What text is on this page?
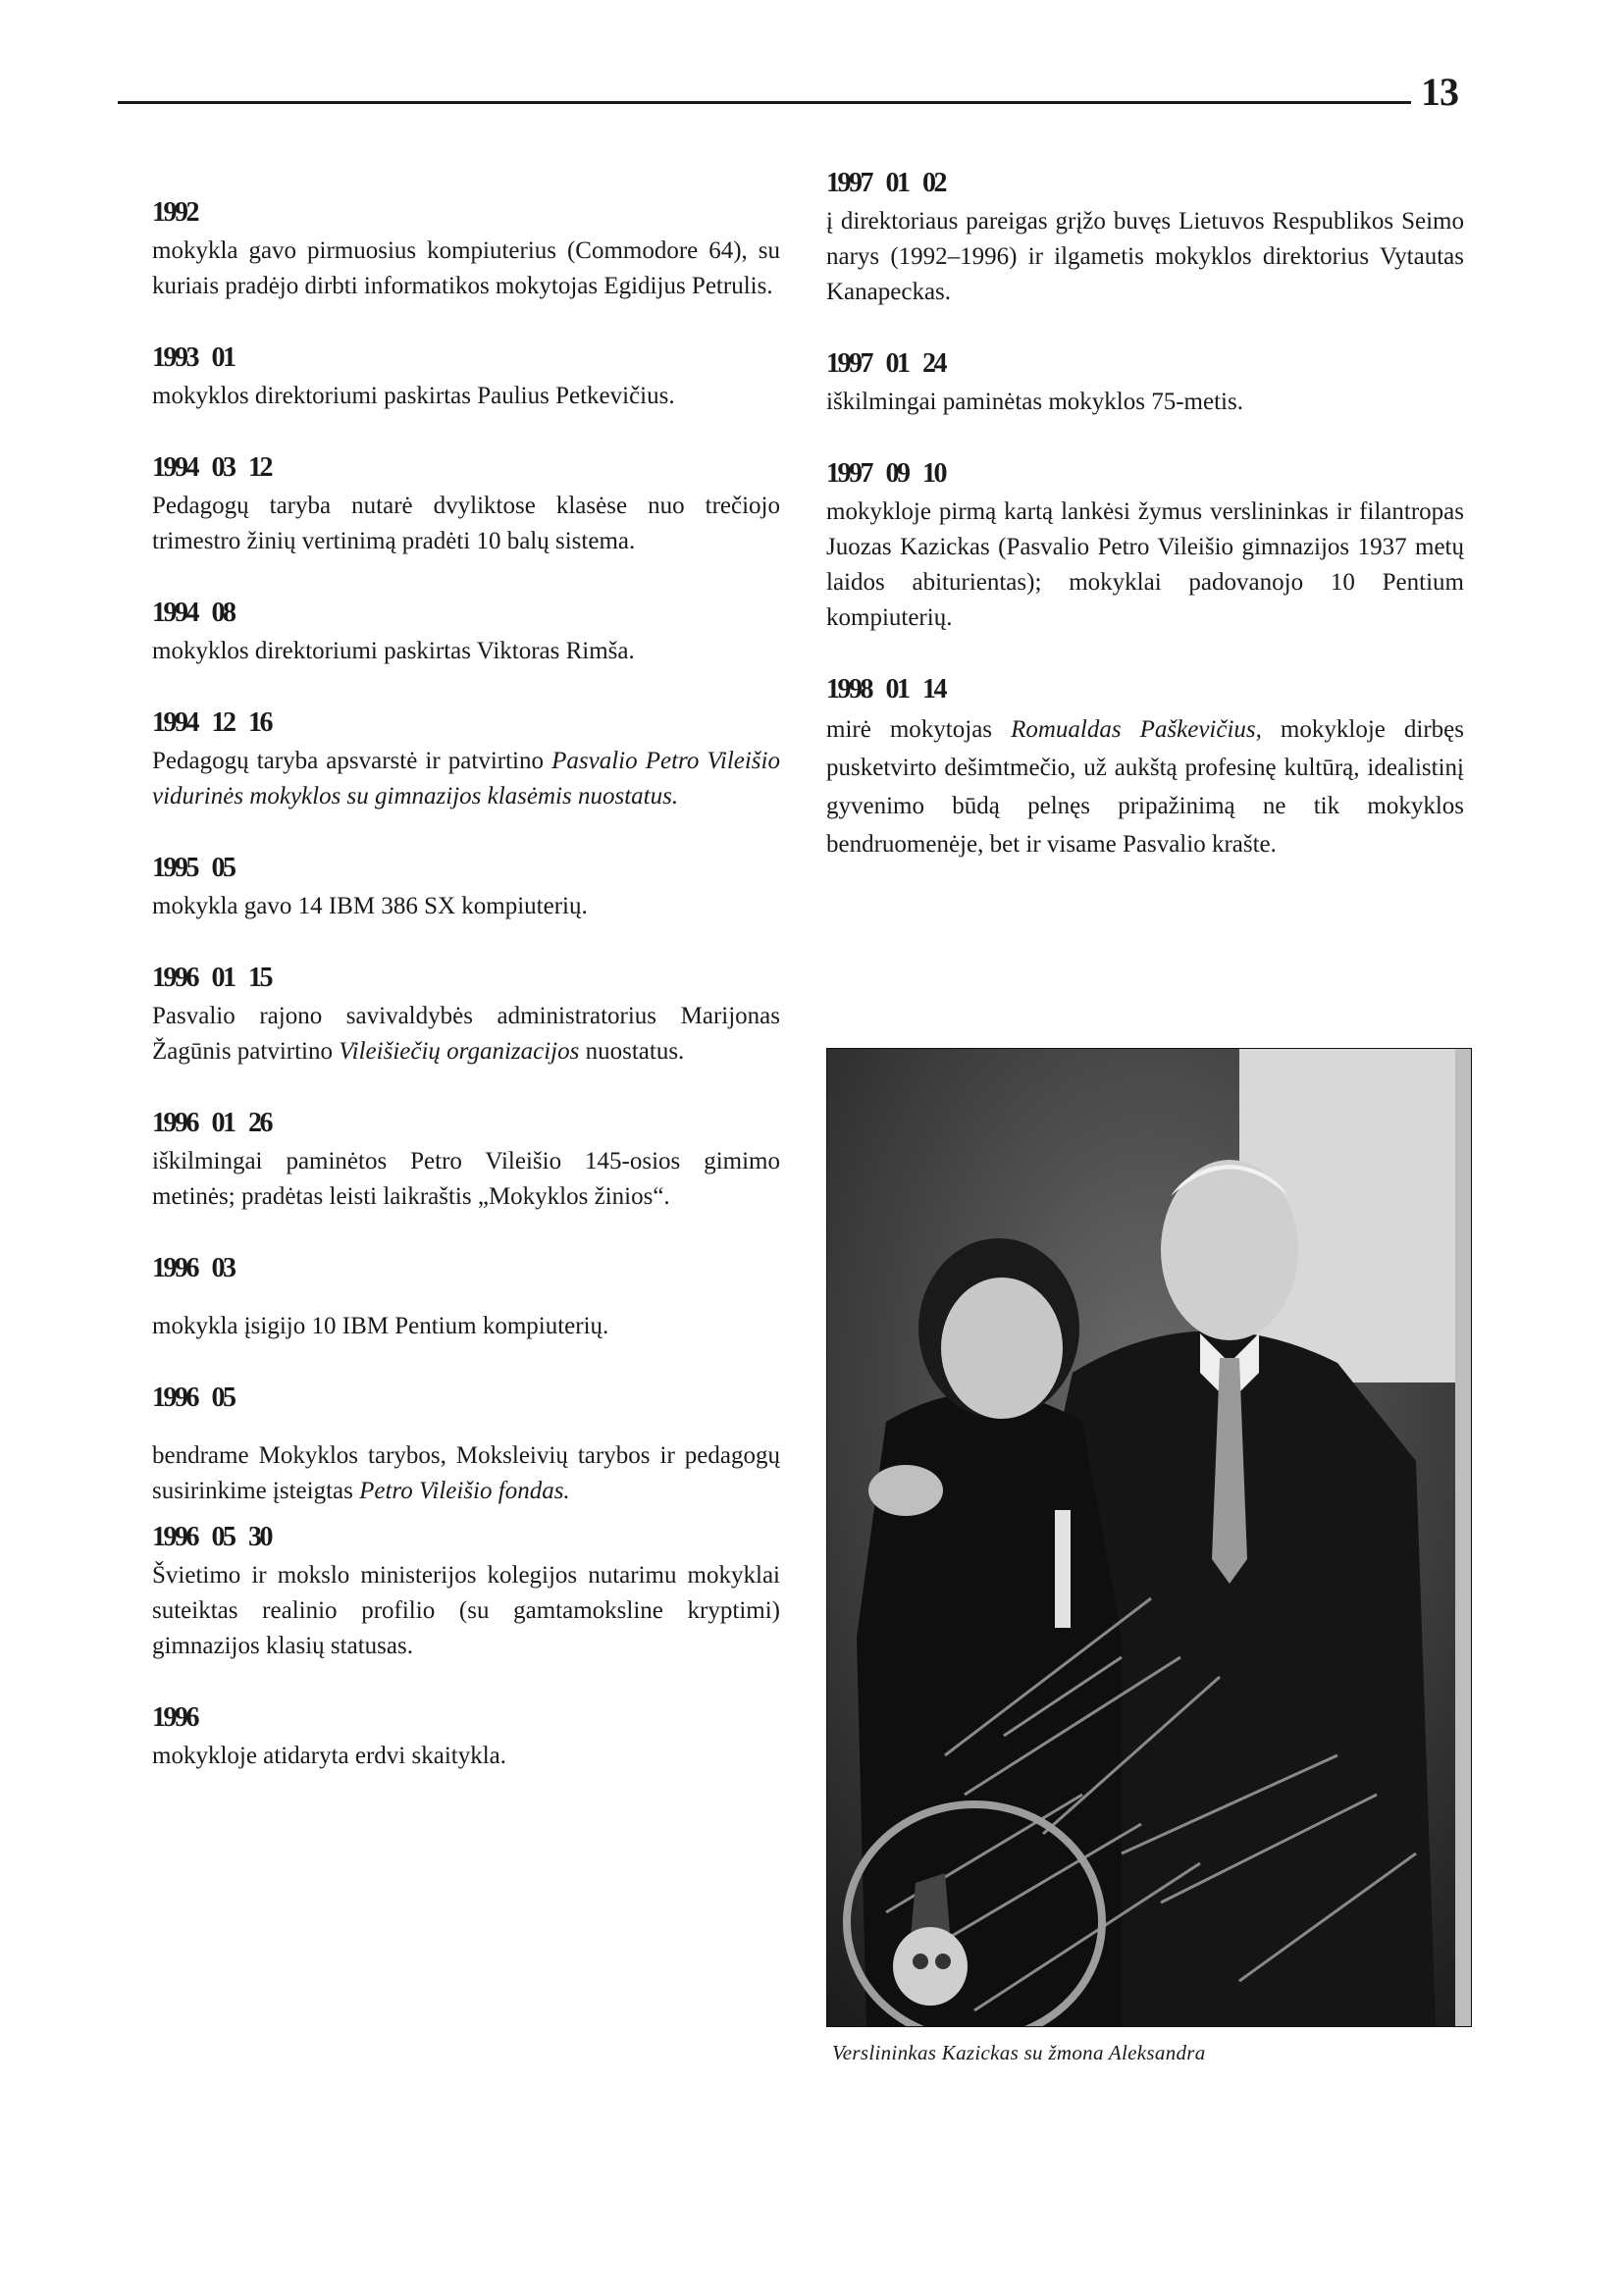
13
1992
mokykla gavo pirmuosius kompiuterius (Commodore 64), su kuriais pradėjo dirbti informatikos mokytojas Egidijus Petrulis.
1993 01
mokyklos direktoriumi paskirtas Paulius Petkevičius.
1994 03 12
Pedagogų taryba nutarė dvyliktose klasėse nuo trečiojo trimestro žinių vertinimą pradėti 10 balų sistema.
1994 08
mokyklos direktoriumi paskirtas Viktoras Rimša.
1994 12 16
Pedagogų taryba apsvarstė ir patvirtino Pasvalio Petro Vileišio vidurinės mokyklos su gimnazijos klasėmis nuostatus.
1995 05
mokykla gavo 14 IBM 386 SX kompiuterių.
1996 01 15
Pasvalio rajono savivaldybės administratorius Marijonas Žagūnis patvirtino Vileišiečių organizacijos nuostatus.
1996 01 26
iškilmingai paminėtos Petro Vileišio 145-osios gimimo metinės; pradėtas leisti laikraštis „Mokyklos žinios“.
1996 03
mokykla įsigijo 10 IBM Pentium kompiuterių.
1996 05
bendrame Mokyklos tarybos, Moksleivių tarybos ir pedagogų susirinkime įsteigtas Petro Vileišio fondas.
1996 05 30
Švietimo ir mokslo ministerijos kolegijos nutarimu mokyklai suteiktas realinio profilio (su gamtamoksline kryptimi) gimnazijos klasių statusas.
1996
mokykloje atidaryta erdvi skaitykla.
1997 01 02
į direktoriaus pareigas grįžo buvęs Lietuvos Respublikos Seimo narys (1992–1996) ir ilgametis mokyklos direktorius Vytautas Kanapeckas.
1997 01 24
iškilmingai paminėtas mokyklos 75-metis.
1997 09 10
mokykloje pirmą kartą lankėsi žymus verslininkas ir filantropas Juozas Kazickas (Pasvalio Petro Vileišio gimnazijos 1937 metų laidos abiturientas); mokyklai padovanojo 10 Pentium kompiuterių.
1998 01 14
mirė mokytojas Romualdas Paškevičius, mokykloje dirbęs pusketvirto dešimtmečio, už aukštą profesinę kultūrą, idealistinį gyvenimo būdą pelnęs pripažinimą ne tik mokyklos bendruomenėje, bet ir visame Pasvalio krašte.
Verslininkas Kazickas su žmona Aleksandra
